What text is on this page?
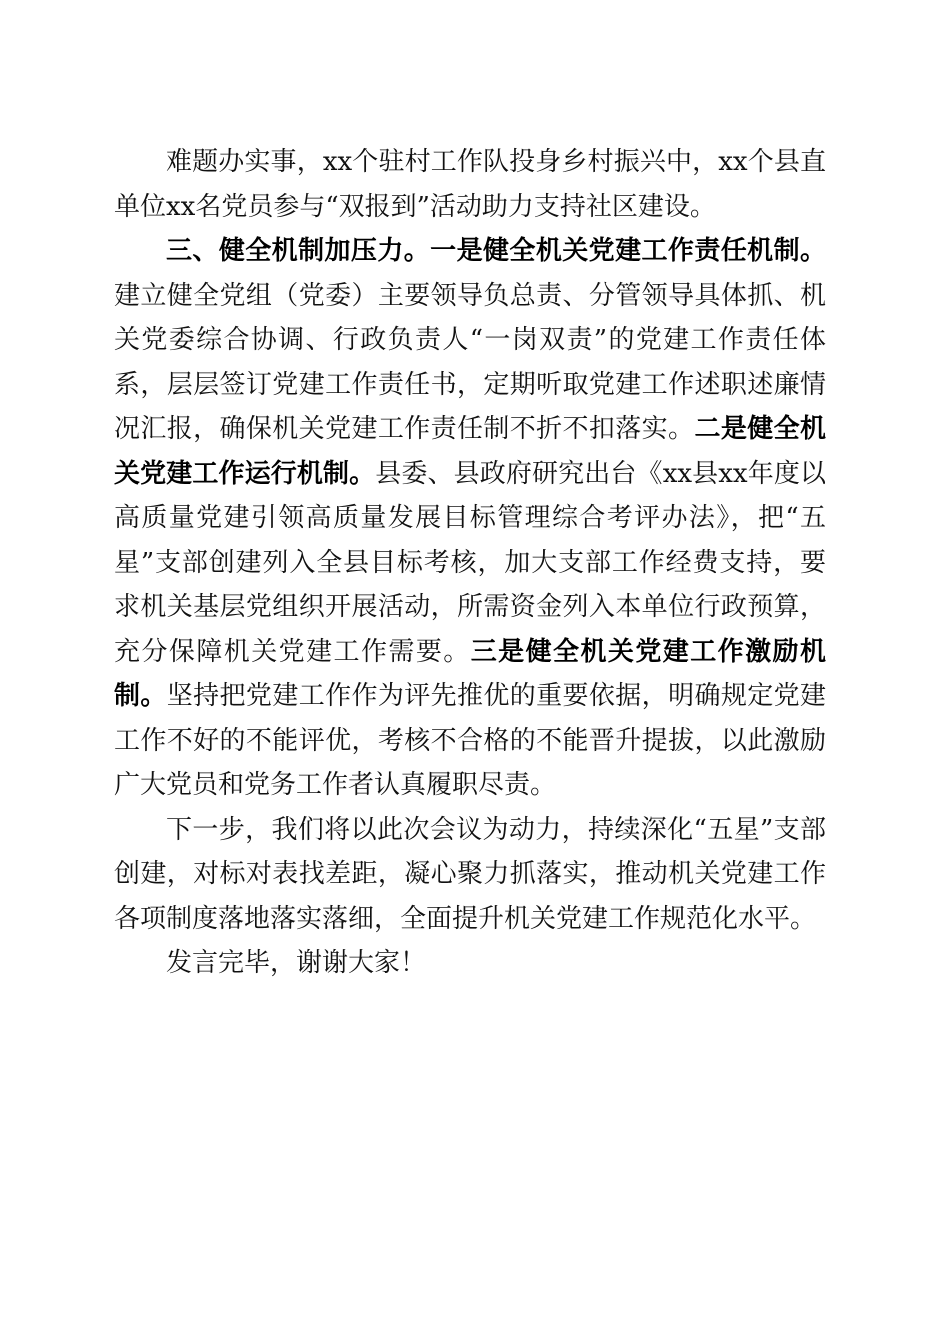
难题办实事，xx个驻村工作队投身乡村振兴中，xx个县直单位xx名党员参与“双报到”活动助力支持社区建设。

三、健全机制加压力。一是健全机关党建工作责任机制。建立健全党组（党委）主要领导负总责、分管领导具体抓、机关党委综合协调、行政负责人“一岗双责”的党建工作责任体系，层层签订党建工作责任书，定期听取党建工作述职述廉情况汇报，确保机关党建工作责任制不折不扣落实。二是健全机关党建工作运行机制。县委、县政府研究出台《xx县xx年度以高质量党建引领高质量发展目标管理综合考评办法》，把“五星”支部创建列入全县目标考核，加大支部工作经费支持，要求机关基层党组织开展活动，所需资金列入本单位行政预算，充分保障机关党建工作需要。三是健全机关党建工作激励机制。坚持把党建工作作为评先推优的重要依据，明确规定党建工作不好的不能评优，考核不合格的不能晋升提拔，以此激励广大党员和党务工作者认真履职尽责。

下一步，我们将以此次会议为动力，持续深化“五星”支部创建，对标对表找差距，凝心聚力抓落实，推动机关党建工作各项制度落地落实落细，全面提升机关党建工作规范化水平。

发言完毕，谢谢大家！
